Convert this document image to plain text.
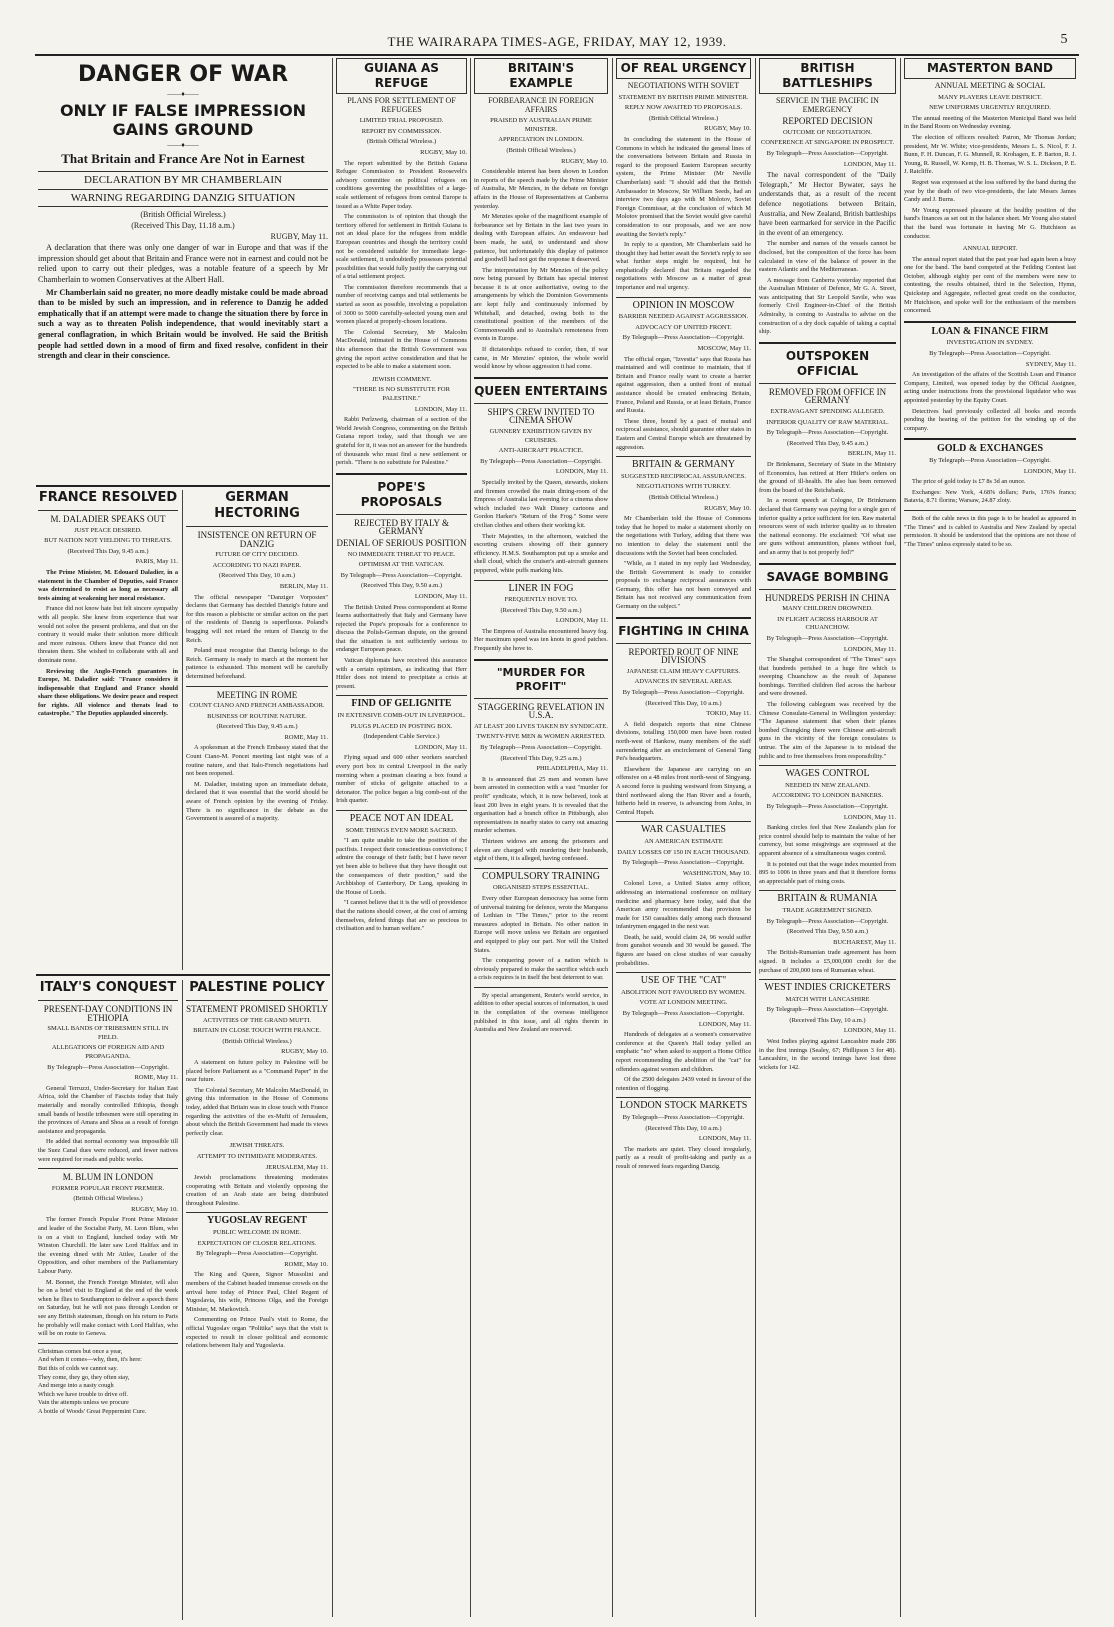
THE WAIRARAPA TIMES-AGE, FRIDAY, MAY 12, 1939.	5
DANGER OF WAR
——♦——
ONLY IF FALSE IMPRESSION GAINS GROUND
——♦——
That Britain and France Are Not in Earnest
DECLARATION BY MR CHAMBERLAIN
WARNING REGARDING DANZIG SITUATION
(British Official Wireless.)
(Received This Day, 11.18 a.m.)
RUGBY, May 11.

A declaration that there was only one danger of war in Europe and that was if the impression should get about that Britain and France were not in earnest and could not be relied upon to carry out their pledges, was a notable feature of a speech by Mr Chamberlain to women Conservatives at the Albert Hall.

Mr Chamberlain said no greater, no more deadly mistake could be made abroad than to be misled by such an impression, and in reference to Danzig he added emphatically that if an attempt were made to change the situation there by force in such a way as to threaten Polish independence, that would inevitably start a general conflagration, in which Britain would be involved. He said the British people had settled down in a mood of firm and fixed resolve, confident in their strength and clear in their conscience.

FRANCE RESOLVED
M. DALADIER SPEAKS OUT
JUST PEACE DESIRED.
BUT NATION NOT YIELDING TO THREATS.
(Received This Day, 9.45 a.m.)
PARIS, May 11.

The Prime Minister, M. Edouard Daladier, in a statement in the Chamber of Deputies, said France was determined to resist as long as necessary all tests aiming at weakening her moral resistance.

France did not know hate but felt sincere sympathy with all people. She knew from experience that war would not solve the present problems, and that on the contrary it would make their solution more difficult and more ruinous. Others knew that France did not threaten them. She wished to collaborate with all and dominate none.

Reviewing the Anglo-French guarantees in Europe, M. Daladier said: "France considers it indispensable that England and France should share these obligations. We desire peace and respect for rights. All violence and threats lead to catastrophe." The Deputies applauded sincerely.

GERMAN HECTORING
INSISTENCE ON RETURN OF DANZIG
FUTURE OF CITY DECIDED.
ACCORDING TO NAZI PAPER.
(Received This Day, 10 a.m.)
BERLIN, May 11.

The official newspaper "Danziger Vorposten" declares that Germany has decided Danzig's future and for this reason a plebiscite or similar action on the part of the residents of Danzig is superfluous. Poland's bragging will not retard the return of Danzig to the Reich.

Poland must recognise that Danzig belongs to the Reich. Germany is ready to march at the moment her patience is exhausted. This moment will be carefully determined beforehand.

MEETING IN ROME
COUNT CIANO AND FRENCH AMBASSADOR.
BUSINESS OF ROUTINE NATURE.
(Received This Day, 9.45 a.m.)
ROME, May 11.

A spokesman at the French Embassy stated that the Count Ciano-M. Poncet meeting last night was of a routine nature, and that Italo-French negotiations had not been reopened.

M. Daladier, insisting upon an immediate debate, declared that it was essential that the world should be aware of French opinion by the evening of Friday. There is no significance in the debate as the Government is assured of a majority.

ITALY'S CONQUEST
PRESENT-DAY CONDITIONS IN ETHIOPIA
SMALL BANDS OF TRIBESMEN STILL IN FIELD.
ALLEGATIONS OF FOREIGN AID AND PROPAGANDA.
By Telegraph—Press Association—Copyright.
ROME, May 11.

General Terruzzi, Under-Secretary for Italian East Africa, told the Chamber of Fascists today that Italy materially and morally controlled Ethiopia, though small bands of hostile tribesmen were still operating in the provinces of Amara and Shoa as a result of foreign assistance and propaganda.

He added that normal economy was impossible till the Suez Canal dues were reduced, and fewer natives were required for roads and public works.

M. BLUM IN LONDON
FORMER POPULAR FRONT PREMIER.
(British Official Wireless.)
RUGBY, May 10.

The former French Popular Front Prime Minister and leader of the Socialist Party, M. Leon Blum, who is on a visit to England, lunched today with Mr Winston Churchill. He later saw Lord Halifax and in the evening dined with Mr Attlee, Leader of the Opposition, and other members of the Parliamentary Labour Party.

M. Bonnet, the French Foreign Minister, will also be on a brief visit to England at the end of the week when he flies to Southampton to deliver a speech there on Saturday, but he will not pass through London or see any British statesman, though on his return to Paris he probably will make contact with Lord Halifax, who will be on route to Geneva.

Christmas comes but once a year,
And when it comes—why, then, it's here:
But this of colds we cannot say.
They come, they go, they often stay,
And merge into a nasty cough
Which we have trouble to drive off.
Vain the attempts unless we procure
A bottle of Woods' Great Peppermint Cure.
PALESTINE POLICY
STATEMENT PROMISED SHORTLY
ACTIVITIES OF THE GRAND MUFTI.
BRITAIN IN CLOSE TOUCH WITH FRANCE.
(British Official Wireless.)
RUGBY, May 10.

A statement on future policy in Palestine will be placed before Parliament as a "Command Paper" in the near future.

The Colonial Secretary, Mr Malcolm MacDonald, in giving this information in the House of Commons today, added that Britain was in close touch with France regarding the activities of the ex-Mufti of Jerusalem, about which the British Government had made its views perfectly clear.

JEWISH THREATS.
ATTEMPT TO INTIMIDATE MODERATES.
JERUSALEM, May 11.

Jewish proclamations threatening moderates cooperating with Britain and violently opposing the creation of an Arab state are being distributed throughout Palestine.

YUGOSLAV REGENT
PUBLIC WELCOME IN ROME.
EXPECTATION OF CLOSER RELATIONS.
By Telegraph—Press Association—Copyright.
ROME, May 10.

The King and Queen, Signor Mussolini and members of the Cabinet headed immense crowds on the arrival here today of Prince Paul, Chief Regent of Yugoslavia, his wife, Princess Olga, and the Foreign Minister, M. Markovitch.

Commenting on Prince Paul's visit to Rome, the official Yugoslav organ "Politika" says that the visit is expected to result in closer political and economic relations between Italy and Yugoslavia.

GUIANA AS REFUGE
PLANS FOR SETTLEMENT OF REFUGEES
LIMITED TRIAL PROPOSED.
REPORT BY COMMISSION.
(British Official Wireless.)
RUGBY, May 10.

The report submitted by the British Guiana Refugee Commission to President Roosevelt's advisory committee on political refugees on conditions governing the possibilities of a large-scale settlement of refugees from central Europe is issued as a White Paper today.

The commission is of opinion that though the territory offered for settlement in British Guiana is not an ideal place for the refugees from middle European countries and though the territory could not be considered suitable for immediate large-scale settlement, it undoubtedly possesses potential possibilities that would fully justify the carrying out of a trial settlement project.

The commission therefore recommends that a number of receiving camps and trial settlements be started as soon as possible, involving a population of 3000 to 5000 carefully-selected young men and women placed at properly-chosen locations.

The Colonial Secretary, Mr Malcolm MacDonald, intimated in the House of Commons this afternoon that the British Government was giving the report active consideration and that he expected to be able to make a statement soon.

JEWISH COMMENT.
"THERE IS NO SUBSTITUTE FOR PALESTINE."
LONDON, May 11.

Rabbi Perlzweig, chairman of a section of the World Jewish Congress, commenting on the British Guiana report today, said that though we are grateful for it, it was not an answer for the hundreds of thousands who must find a new settlement or perish. "There is no substitute for Palestine."

POPE'S PROPOSALS
REJECTED BY ITALY & GERMANY
DENIAL OF SERIOUS POSITION
NO IMMEDIATE THREAT TO PEACE.
OPTIMISM AT THE VATICAN.
By Telegraph—Press Association—Copyright.
(Received This Day, 9.50 a.m.)
LONDON, May 11.

The British United Press correspondent at Rome learns authoritatively that Italy and Germany have rejected the Pope's proposals for a conference to discuss the Polish-German dispute, on the ground that the situation is not sufficiently serious to endanger European peace.

Vatican diplomats have received this assurance with a certain optimism, as indicating that Herr Hitler does not intend to precipitate a crisis at present.

FIND OF GELIGNITE
IN EXTENSIVE COMB-OUT IN LIVERPOOL.
PLUGS PLACED IN POSTING BOX.
(Independent Cable Service.)
LONDON, May 11.

Flying squad and 600 other workers searched every port box in central Liverpool in the early morning when a postman clearing a box found a number of sticks of gelignite attached to a detonator. The police began a big comb-out of the Irish quarter.

PEACE NOT AN IDEAL
SOME THINGS EVEN MORE SACRED.

"I am quite unable to take the position of the pacifists. I respect their conscientious convictions; I admire the courage of their faith; but I have never yet been able to believe that they have thought out the consequences of their position," said the Archbishop of Canterbury, Dr Lang, speaking in the House of Lords.

"I cannot believe that it is the will of providence that the nations should cower, at the cost of arming themselves, defend things that are so precious to civilisation and to human welfare."

BRITAIN'S EXAMPLE
FORBEARANCE IN FOREIGN AFFAIRS
PRAISED BY AUSTRALIAN PRIME MINISTER.
APPRECIATION IN LONDON.
(British Official Wireless.)
RUGBY, May 10.

Considerable interest has been shown in London in reports of the speech made by the Prime Minister of Australia, Mr Menzies, in the debate on foreign affairs in the House of Representatives at Canberra yesterday.

Mr Menzies spoke of the magnificent example of forbearance set by Britain in the last two years in dealing with European affairs. An endeavour had been made, he said, to understand and show patience, but unfortunately this display of patience and goodwill had not got the response it deserved.

The interpretation by Mr Menzies of the policy now being pursued by Britain has special interest because it is at once authoritative, owing to the arrangements by which the Dominion Governments are kept fully and continuously informed by Whitehall, and detached, owing both to the constitutional position of the members of the Commonwealth and to Australia's remoteness from events in Europe.

If dictatorships refused to confer, then, if war came, in Mr Menzies' opinion, the whole world would know by whose aggression it had come.

QUEEN ENTERTAINS
SHIP'S CREW INVITED TO CINEMA SHOW
GUNNERY EXHIBITION GIVEN BY CRUISERS.
ANTI-AIRCRAFT PRACTICE.
By Telegraph—Press Association—Copyright.
LONDON, May 11.

Specially invited by the Queen, stewards, stokers and firemen crowded the main dining-room of the Empress of Australia last evening for a cinema show which included two Walt Disney cartoons and Gordon Harker's "Return of the Frog." Some were civilian clothes and others their working kit.

Their Majesties, in the afternoon, watched the escorting cruisers showing off their gunnery efficiency. H.M.S. Southampton put up a smoke and shell cloud, which the cruiser's anti-aircraft gunners peppered, white puffs marking hits.

LINER IN FOG
FREQUENTLY HOVE TO.
(Received This Day, 9.50 a.m.)
LONDON, May 11.

The Empress of Australia encountered heavy fog. Her maximum speed was ten knots in good patches. Frequently she hove to.

"MURDER FOR PROFIT"
STAGGERING REVELATION IN U.S.A.
AT LEAST 200 LIVES TAKEN BY SYNDICATE.
TWENTY-FIVE MEN & WOMEN ARRESTED.
By Telegraph—Press Association—Copyright.
(Received This Day, 9.25 a.m.)
PHILADELPHIA, May 11.

It is announced that 25 men and women have been arrested in connection with a vast "murder for profit" syndicate, which, it is now believed, took at least 200 lives in eight years. It is revealed that the organisation had a branch office in Pittsburgh, also representatives in nearby states to carry out amazing murder schemes.

Thirteen widows are among the prisoners and eleven are charged with murdering their husbands, eight of them, it is alleged, having confessed.

COMPULSORY TRAINING
ORGANISED STEPS ESSENTIAL.

Every other European democracy has some form of universal training for defence, wrote the Marquess of Lothian in "The Times," prior to the recent measures adopted in Britain. No other nation in Europe will move unless we Britain are organised and equipped to play our part. Nor will the United States.

The conquering power of a nation which is obviously prepared to make the sacrifice which such a crisis requires is in itself the best deterrent to war.

By special arrangement, Reuter's world service, in addition to other special sources of information, is used in the compilation of the overseas intelligence published in this issue, and all rights therein in Australia and New Zealand are reserved.

OF REAL URGENCY
NEGOTIATIONS WITH SOVIET
STATEMENT BY BRITISH PRIME MINISTER.
REPLY NOW AWAITED TO PROPOSALS.
(British Official Wireless.)
RUGBY, May 10.

In concluding the statement in the House of Commons in which he indicated the general lines of the conversations between Britain and Russia in regard to the proposed Eastern European security system, the Prime Minister (Mr Neville Chamberlain) said: "I should add that the British Ambassador in Moscow, Sir William Seeds, had an interview two days ago with M Molotov, Soviet Foreign Commissar, at the conclusion of which M Molotov promised that the Soviet would give careful consideration to our proposals, and we are now awaiting the Soviet's reply."

In reply to a question, Mr Chamberlain said he thought they had better await the Soviet's reply to see what further steps might be required, but he emphatically declared that Britain regarded the negotiations with Moscow as a matter of great importance and real urgency.

OPINION IN MOSCOW
BARRIER NEEDED AGAINST AGGRESSION.
ADVOCACY OF UNITED FRONT.
By Telegraph—Press Association—Copyright.
MOSCOW, May 11.

The official organ, "Izvestia" says that Russia has maintained and will continue to maintain, that if Britain and France really want to create a barrier against aggression, then a united front of mutual assistance should be created embracing Britain, France, Poland and Russia, or at least Britain, France and Russia.

These three, bound by a pact of mutual and reciprocal assistance, should guarantee other states in Eastern and Central Europe which are threatened by aggression.

BRITAIN & GERMANY
SUGGESTED RECIPROCAL ASSURANCES.
NEGOTIATIONS WITH TURKEY.
(British Official Wireless.)
RUGBY, May 10.

Mr Chamberlain told the House of Commons today that he hoped to make a statement shortly on the negotiations with Turkey, adding that there was no intention to delay the statement until the discussions with the Soviet had been concluded.

"While, as I stated in my reply last Wednesday, the British Government is ready to consider proposals to exchange reciprocal assurances with Germany, this offer has not been conveyed and Britain has not received any communication from Germany on the subject."

FIGHTING IN CHINA
REPORTED ROUT OF NINE DIVISIONS
JAPANESE CLAIM HEAVY CAPTURES.
ADVANCES IN SEVERAL AREAS.
By Telegraph—Press Association—Copyright.
(Received This Day, 10 a.m.)
TOKIO, May 11.

A field despatch reports that nine Chinese divisions, totalling 150,000 men have been routed north-west of Hankow, many members of the staff surrendering after an encirclement of General Tang Pei's headquarters.

Elsewhere the Japanese are carrying on an offensive on a 48 miles front north-west of Singyang. A second force is pushing westward from Sinyang, a third northward along the Han River and a fourth, hitherto held in reserve, is advancing from Anhu, in Central Hupeh.

WAR CASUALTIES
AN AMERICAN ESTIMATE
DAILY LOSSES OF 150 IN EACH THOUSAND.
By Telegraph—Press Association—Copyright.
WASHINGTON, May 10.

Colonel Love, a United States army officer, addressing an international conference on military medicine and pharmacy here today, said that the American army recommended that provision be made for 150 casualties daily among each thousand infantrymen engaged in the next war.

Death, he said, would claim 24, 96 would suffer from gunshot wounds and 30 would be gassed. The figures are based on close studies of war casualty probabilities.

USE OF THE "CAT"
ABOLITION NOT FAVOURED BY WOMEN.
VOTE AT LONDON MEETING.
By Telegraph—Press Association—Copyright.
LONDON, May 11.

Hundreds of delegates at a women's conservative conference at the Queen's Hall today yelled an emphatic "no" when asked to support a Home Office report recommending the abolition of the "cat" for offenders against women and children.

Of the 2500 delegates 2439 voted in favour of the retention of flogging.

LONDON STOCK MARKETS
By Telegraph—Press Association—Copyright.
(Received This Day, 10 a.m.)
LONDON, May 11.

The markets are quiet. They closed irregularly, partly as a result of profit-taking and partly as a result of renewed fears regarding Danzig.

BRITISH BATTLESHIPS
SERVICE IN THE PACIFIC IN EMERGENCY
REPORTED DECISION
OUTCOME OF NEGOTIATION.
CONFERENCE AT SINGAPORE IN PROSPECT.
By Telegraph—Press Association—Copyright.
LONDON, May 11.

The naval correspondent of the "Daily Telegraph," Mr Hector Bywater, says he understands that, as a result of the recent defence negotiations between Britain, Australia, and New Zealand, British battleships have been earmarked for service in the Pacific in the event of an emergency.

The number and names of the vessels cannot be disclosed, but the composition of the force has been calculated in view of the balance of power in the eastern Atlantic and the Mediterranean.

A message from Canberra yesterday reported that the Australian Minister of Defence, Mr G. A. Street, was anticipating that Sir Leopold Savile, who was formerly Civil Engineer-in-Chief of the British Admiralty, is coming to Australia to advise on the construction of a dry dock capable of taking a capital ship.

OUTSPOKEN OFFICIAL
REMOVED FROM OFFICE IN GERMANY
EXTRAVAGANT SPENDING ALLEGED.
INFERIOR QUALITY OF RAW MATERIAL.
By Telegraph—Press Association—Copyright.
(Received This Day, 9.45 a.m.)
BERLIN, May 11.

Dr Brinkmann, Secretary of State in the Ministry of Economics, has retired at Herr Hitler's orders on the ground of ill-health. He also has been removed from the board of the Reichsbank.

In a recent speech at Cologne, Dr Brinkmann declared that Germany was paying for a single gun of inferior quality a price sufficient for ten. Raw material resources were of such inferior quality as to threaten the national economy. He exclaimed: "Of what use are guns without ammunition, planes without fuel, and an army that is not properly fed?"

SAVAGE BOMBING
HUNDREDS PERISH IN CHINA
MANY CHILDREN DROWNED.
IN FLIGHT ACROSS HARBOUR AT CHUANCHOW.
By Telegraph—Press Association—Copyright.
LONDON, May 11.

The Shanghai correspondent of "The Times" says that hundreds perished in a huge fire which is sweeping Chuanchow as the result of Japanese bombings. Terrified children fled across the harbour and were drowned.

The following cablegram was received by the Chinese Consulate-General in Wellington yesterday: "The Japanese statement that when their planes bombed Chungking there were Chinese anti-aircraft guns in the vicinity of the foreign consulates is untrue. The aim of the Japanese is to mislead the public and to free themselves from responsibility."

WAGES CONTROL
NEEDED IN NEW ZEALAND.
ACCORDING TO LONDON BANKERS.
By Telegraph—Press Association—Copyright.
LONDON, May 11.

Banking circles feel that New Zealand's plan for price control should help to maintain the value of her currency, but some misgivings are expressed at the apparent absence of a simultaneous wages control.

It is pointed out that the wage index mounted from 895 to 1006 in three years and that it therefore forms an appreciable part of rising costs.

BRITAIN & RUMANIA
TRADE AGREEMENT SIGNED.
By Telegraph—Press Association—Copyright.
(Received This Day, 9.50 a.m.)
BUCHAREST, May 11.

The British-Rumanian trade agreement has been signed. It includes a £5,000,000 credit for the purchase of 200,000 tons of Rumanian wheat.

WEST INDIES CRICKETERS
MATCH WITH LANCASHIRE
By Telegraph—Press Association—Copyright.
(Received This Day, 10 a.m.)
LONDON, May 11.

West Indies playing against Lancashire made 286 in the first innings (Sealey, 67; Phillipson 3 for 48). Lancashire, in the second innings have lost three wickets for 142.

MASTERTON BAND
ANNUAL MEETING & SOCIAL
MANY PLAYERS LEAVE DISTRICT.
NEW UNIFORMS URGENTLY REQUIRED.

The annual meeting of the Masterton Municipal Band was held in the Band Room on Wednesday evening.

The election of officers resulted: Patron, Mr Thomas Jordan; president, Mr W. White; vice-presidents, Messrs L. S. Nicol, F. J. Bunn, F. H. Duncan, F. G. Munnell, R. Krohagen, E. P. Barton, R. J. Young, R. Russell, W. Kemp, H. B. Thomas, W. S. L. Dickson, P. E. J. Ratcliffe.

Regret was expressed at the loss suffered by the band during the year by the death of two vice-presidents, the late Messrs James Candy and J. Burns.

Mr Young expressed pleasure at the healthy position of the band's finances as set out in the balance sheet. Mr Young also stated that the band was fortunate in having Mr G. Hutchison as conductor.

ANNUAL REPORT.

The annual report stated that the past year had again been a busy one for the band. The band competed at the Feilding Contest last October, although eighty per cent of the members were new to contesting, the results obtained, third in the Selection, Hymn, Quickstep and Aggregate, reflected great credit on the conductor, Mr Hutchison, and spoke well for the enthusiasm of the members concerned.

LOAN & FINANCE FIRM
INVESTIGATION IN SYDNEY.
By Telegraph—Press Association—Copyright.
SYDNEY, May 11.

An investigation of the affairs of the Scottish Loan and Finance Company, Limited, was opened today by the Official Assignee, acting under instructions from the provisional liquidator who was appointed yesterday by the Equity Court.

Detectives had previously collected all books and records pending the hearing of the petition for the winding up of the company.

GOLD & EXCHANGES
By Telegraph—Press Association—Copyright.
LONDON, May 11.

The price of gold today is £7 8s 3d an ounce.

Exchanges: New York, 4.68⅝ dollars; Paris, 176⅝ francs; Batavia, 8.71 florins; Warsaw, 24.87 zloty.

Both of the cable news in this page is to be headed as appeared in "The Times" and is cabled to Australia and New Zealand by special permission. It should be understood that the opinions are not those of "The Times" unless expressly stated to be so.
